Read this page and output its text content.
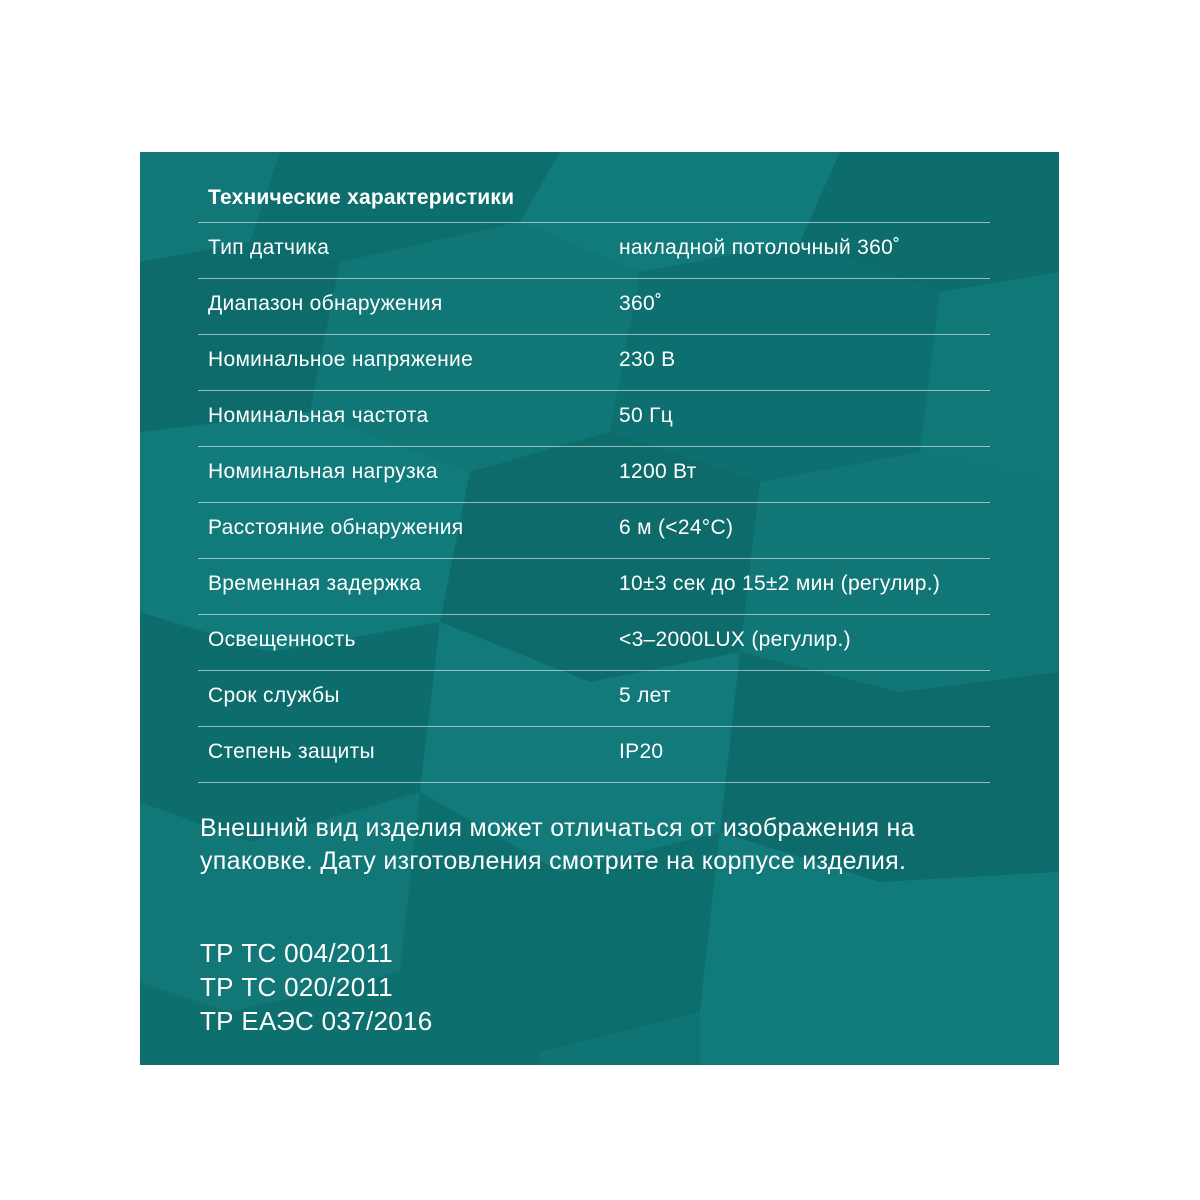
Технические характеристики
Тип датчика	накладной потолочный 360˚
Диапазон обнаружения	360˚
Номинальное напряжение	230 В
Номинальная частота	50 Гц
Номинальная нагрузка	1200 Вт
Расстояние обнаружения	6 м (<24°C)
Временная задержка	10±3 сек до 15±2 мин (регулир.)
Освещенность	<3–2000LUX (регулир.)
Срок службы	5 лет
Степень защиты	IP20
Внешний вид изделия может отличаться от изображения на упаковке. Дату изготовления смотрите на корпусе изделия.
ТР ТС 004/2011
ТР ТС 020/2011
ТР ЕАЭС 037/2016
